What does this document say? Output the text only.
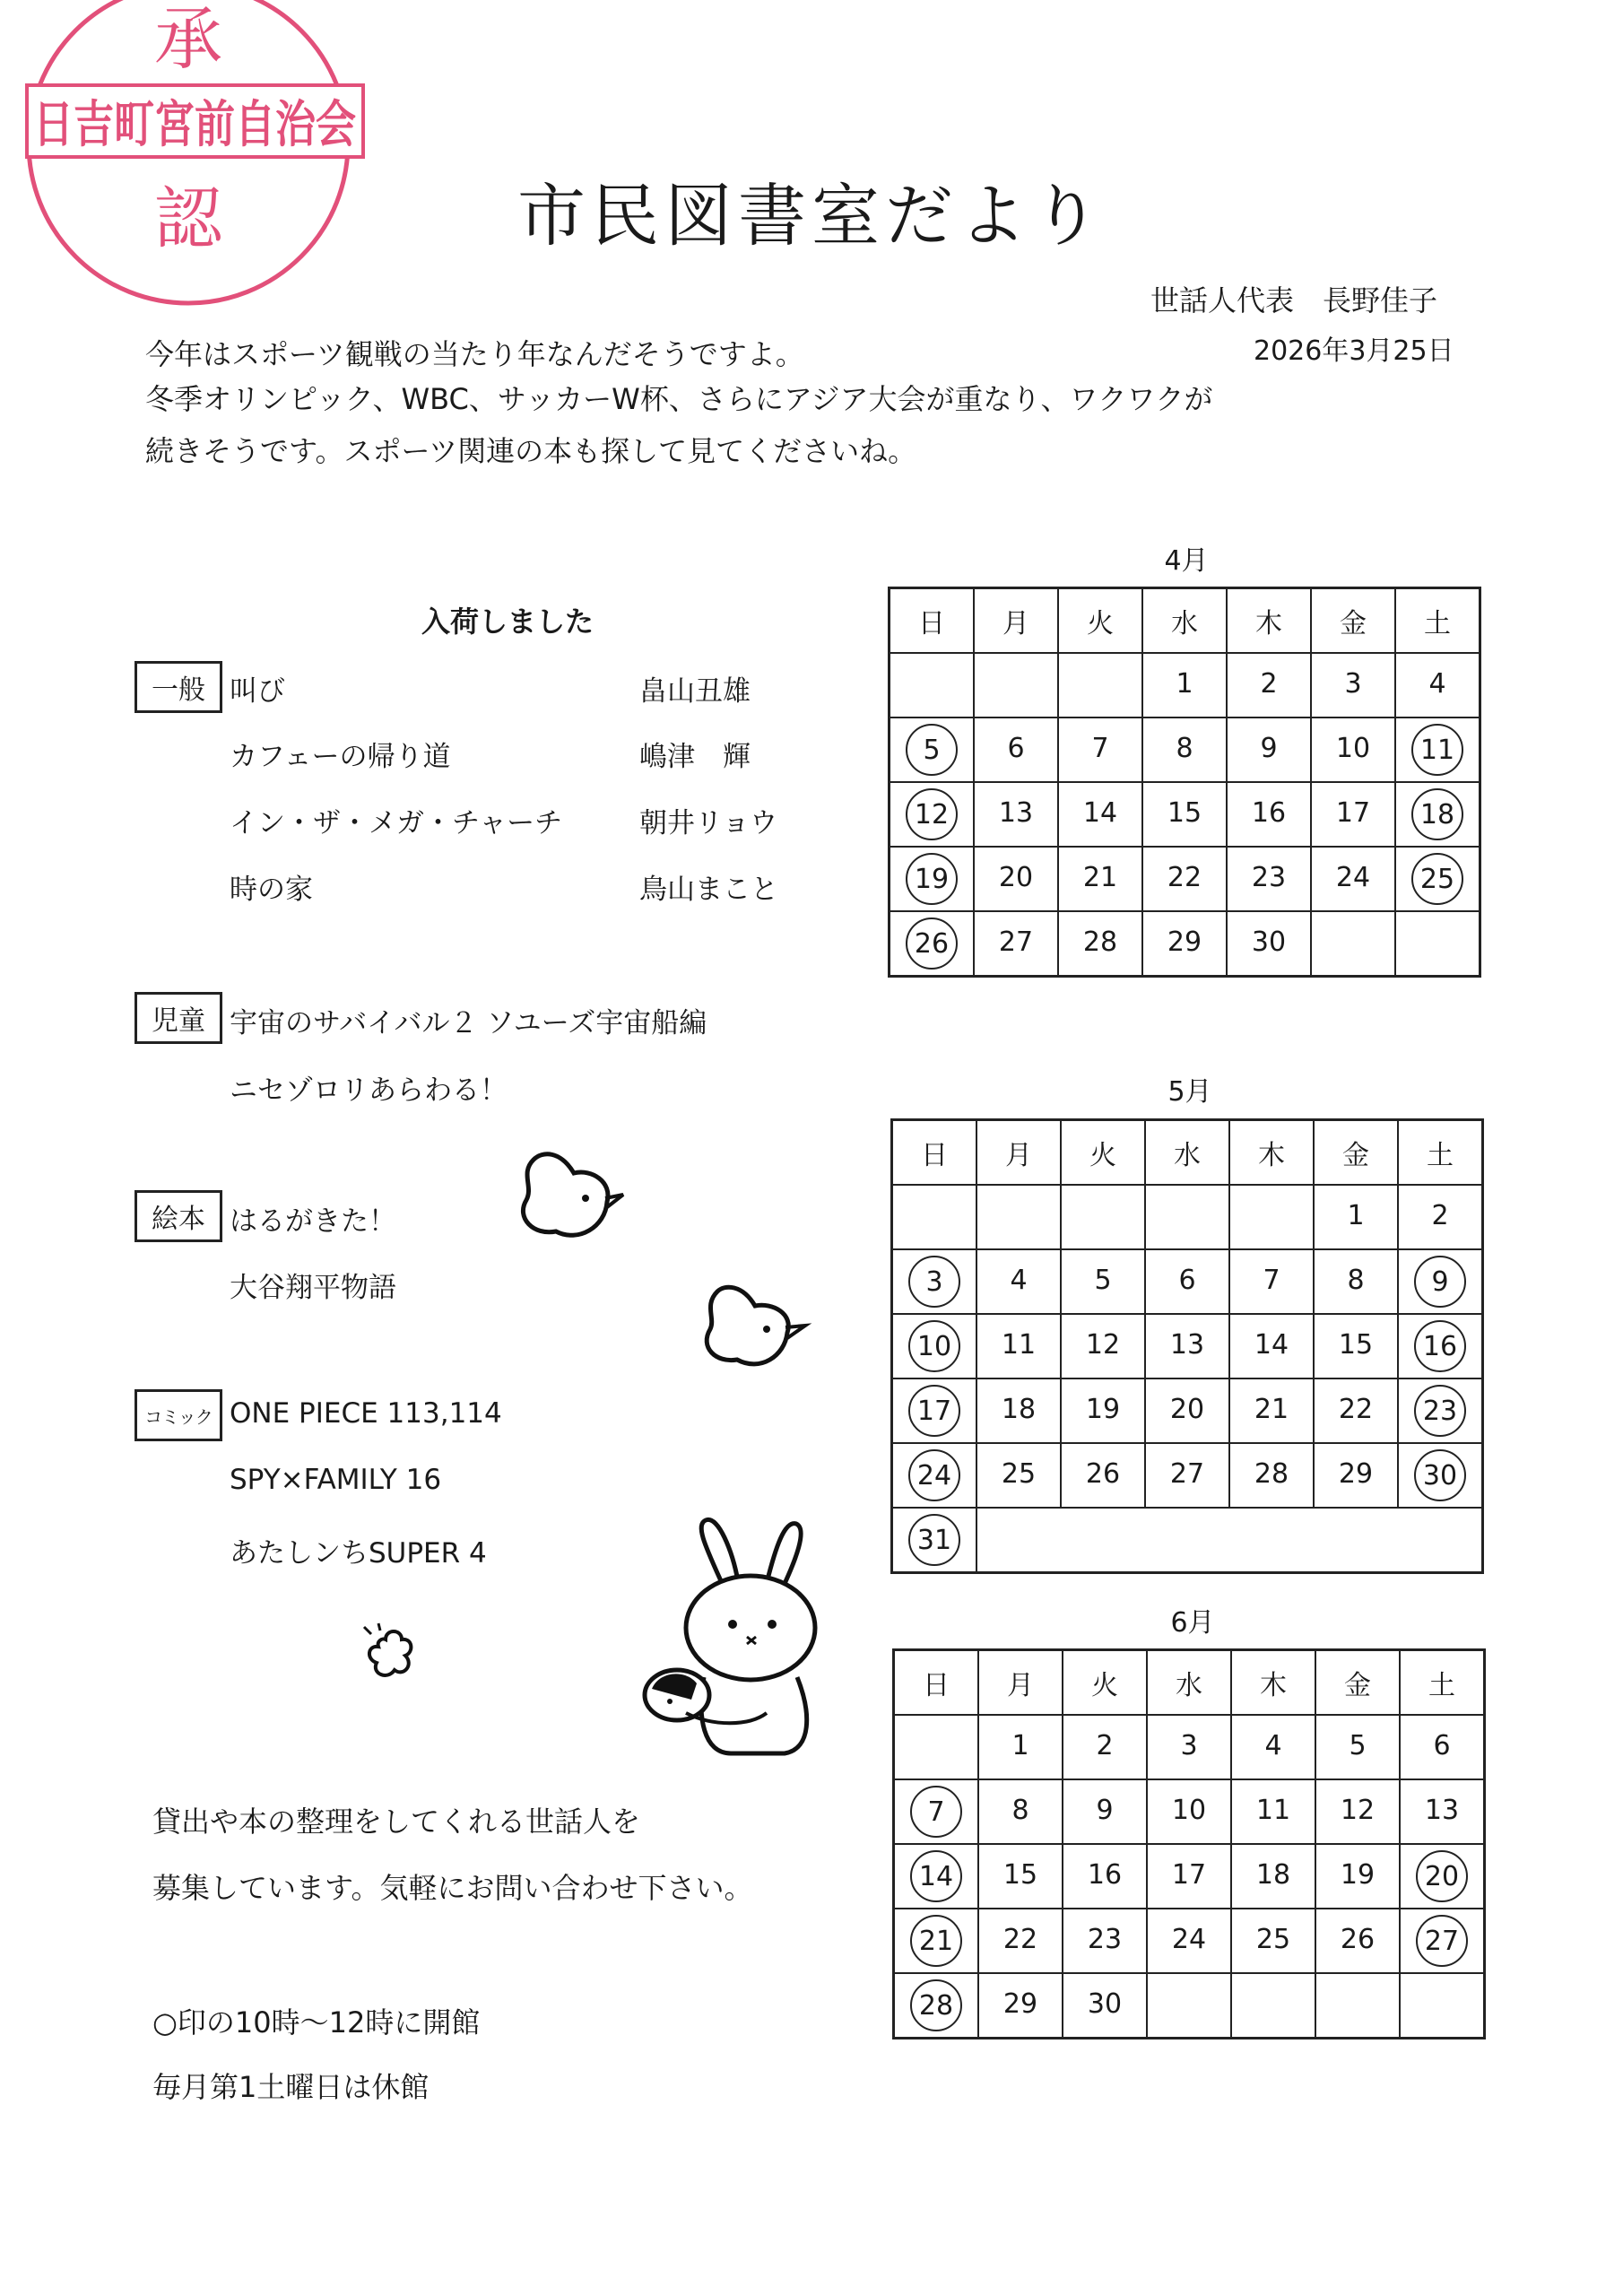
承
日吉町宮前自治会
認	市民図書室だより
世話人代表　長野佳子
2026年3月25日
今年はスポーツ観戦の当たり年なんだそうですよ。
冬季オリンピック、WBC、サッカーW杯、さらにアジア大会が重なり、ワクワクが
続きそうです。スポーツ関連の本も探して見てくださいね。
入荷しました
一般 叫び	畠山丑雄
カフェーの帰り道	嶋津　輝
イン・ザ・メガ・チャーチ	朝井リョウ
時の家	鳥山まこと
児童 宇宙のサバイバル２ ソユーズ宇宙船編
ニセゾロリあらわる！
絵本 はるがきた！
大谷翔平物語
コミック ONE PIECE 113,114
SPY×FAMILY 16
あたしンちSUPER 4
貸出や本の整理をしてくれる世話人を
募集しています。気軽にお問い合わせ下さい。
○印の10時～12時に開館
毎月第1土曜日は休館
4月
日	月	火	水	木	金	土
			1	2	3	4
5	6	7	8	9	10	11
12	13	14	15	16	17	18
19	20	21	22	23	24	25
26	27	28	29	30		
5月
日	月	火	水	木	金	土
					1	2
3	4	5	6	7	8	9
10	11	12	13	14	15	16
17	18	19	20	21	22	23
24	25	26	27	28	29	30
31						
6月
日	月	火	水	木	金	土
	1	2	3	4	5	6
7	8	9	10	11	12	13
14	15	16	17	18	19	20
21	22	23	24	25	26	27
28	29	30				
